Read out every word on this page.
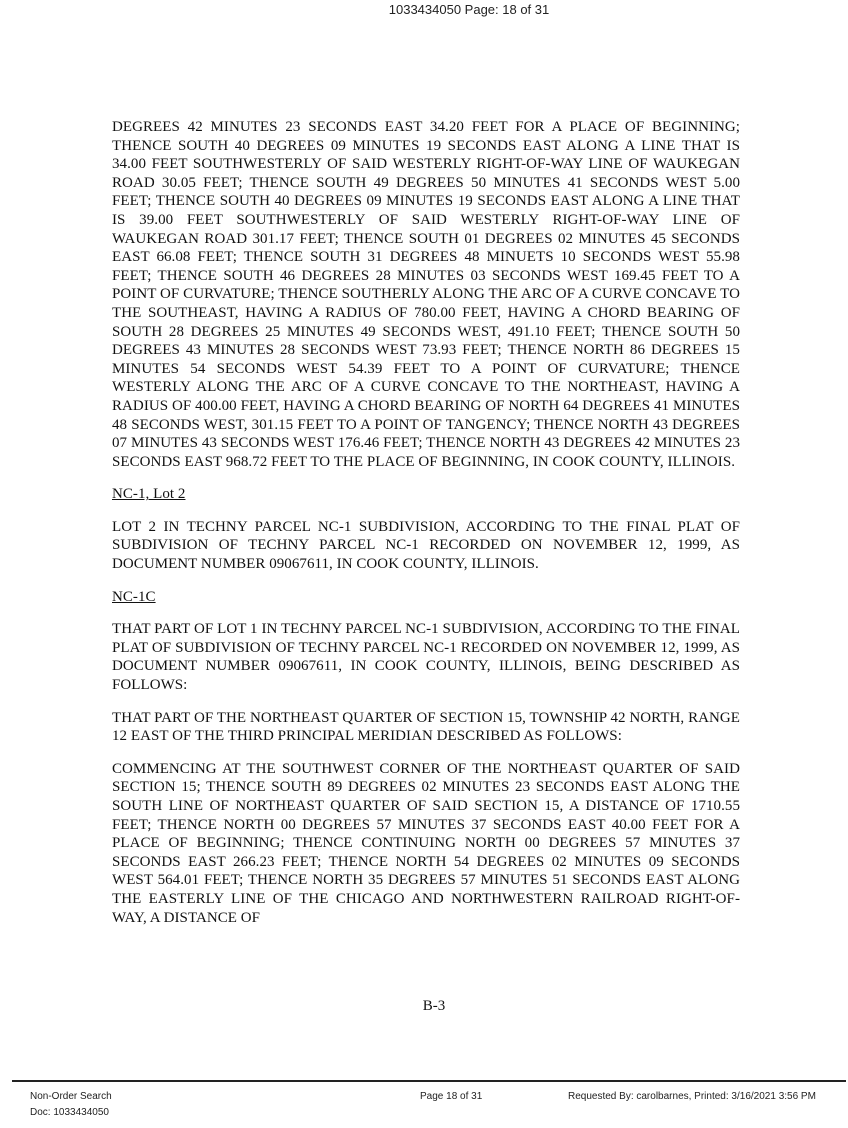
1033434050 Page: 18 of 31

DEGREES 42 MINUTES 23 SECONDS EAST 34.20 FEET FOR A PLACE OF BEGINNING; THENCE SOUTH 40 DEGREES 09 MINUTES 19 SECONDS EAST ALONG A LINE THAT IS 34.00 FEET SOUTHWESTERLY OF SAID WESTERLY RIGHT-OF-WAY LINE OF WAUKEGAN ROAD 30.05 FEET; THENCE SOUTH 49 DEGREES 50 MINUTES 41 SECONDS WEST 5.00 FEET; THENCE SOUTH 40 DEGREES 09 MINUTES 19 SECONDS EAST ALONG A LINE THAT IS 39.00 FEET SOUTHWESTERLY OF SAID WESTERLY RIGHT-OF-WAY LINE OF WAUKEGAN ROAD 301.17 FEET; THENCE SOUTH 01 DEGREES 02 MINUTES 45 SECONDS EAST 66.08 FEET; THENCE SOUTH 31 DEGREES 48 MINUETS 10 SECONDS WEST 55.98 FEET; THENCE SOUTH 46 DEGREES 28 MINUTES 03 SECONDS WEST 169.45 FEET TO A POINT OF CURVATURE; THENCE SOUTHERLY ALONG THE ARC OF A CURVE CONCAVE TO THE SOUTHEAST, HAVING A RADIUS OF 780.00 FEET, HAVING A CHORD BEARING OF SOUTH 28 DEGREES 25 MINUTES 49 SECONDS WEST, 491.10 FEET; THENCE SOUTH 50 DEGREES 43 MINUTES 28 SECONDS WEST 73.93 FEET; THENCE NORTH 86 DEGREES 15 MINUTES 54 SECONDS WEST 54.39 FEET TO A POINT OF CURVATURE; THENCE WESTERLY ALONG THE ARC OF A CURVE CONCAVE TO THE NORTHEAST, HAVING A RADIUS OF 400.00 FEET, HAVING A CHORD BEARING OF NORTH 64 DEGREES 41 MINUTES 48 SECONDS WEST, 301.15 FEET TO A POINT OF TANGENCY; THENCE NORTH 43 DEGREES 07 MINUTES 43 SECONDS WEST 176.46 FEET; THENCE NORTH 43 DEGREES 42 MINUTES 23 SECONDS EAST 968.72 FEET TO THE PLACE OF BEGINNING, IN COOK COUNTY, ILLINOIS.

NC-1, Lot 2

LOT 2 IN TECHNY PARCEL NC-1 SUBDIVISION, ACCORDING TO THE FINAL PLAT OF SUBDIVISION OF TECHNY PARCEL NC-1 RECORDED ON NOVEMBER 12, 1999, AS DOCUMENT NUMBER 09067611, IN COOK COUNTY, ILLINOIS.

NC-1C

THAT PART OF LOT 1 IN TECHNY PARCEL NC-1 SUBDIVISION, ACCORDING TO THE FINAL PLAT OF SUBDIVISION OF TECHNY PARCEL NC-1 RECORDED ON NOVEMBER 12, 1999, AS DOCUMENT NUMBER 09067611, IN COOK COUNTY, ILLINOIS, BEING DESCRIBED AS FOLLOWS:

THAT PART OF THE NORTHEAST QUARTER OF SECTION 15, TOWNSHIP 42 NORTH, RANGE 12 EAST OF THE THIRD PRINCIPAL MERIDIAN DESCRIBED AS FOLLOWS:

COMMENCING AT THE SOUTHWEST CORNER OF THE NORTHEAST QUARTER OF SAID SECTION 15; THENCE SOUTH 89 DEGREES 02 MINUTES 23 SECONDS EAST ALONG THE SOUTH LINE OF NORTHEAST QUARTER OF SAID SECTION 15, A DISTANCE OF 1710.55 FEET; THENCE NORTH 00 DEGREES 57 MINUTES 37 SECONDS EAST 40.00 FEET FOR A PLACE OF BEGINNING; THENCE CONTINUING NORTH 00 DEGREES 57 MINUTES 37 SECONDS EAST 266.23 FEET; THENCE NORTH 54 DEGREES 02 MINUTES 09 SECONDS WEST 564.01 FEET; THENCE NORTH 35 DEGREES 57 MINUTES 51 SECONDS EAST ALONG THE EASTERLY LINE OF THE CHICAGO AND NORTHWESTERN RAILROAD RIGHT-OF-WAY, A DISTANCE OF

B-3
Non-Order Search	Page 18 of 31	Requested By: carolbarnes, Printed: 3/16/2021 3:56 PM
Doc: 1033434050
